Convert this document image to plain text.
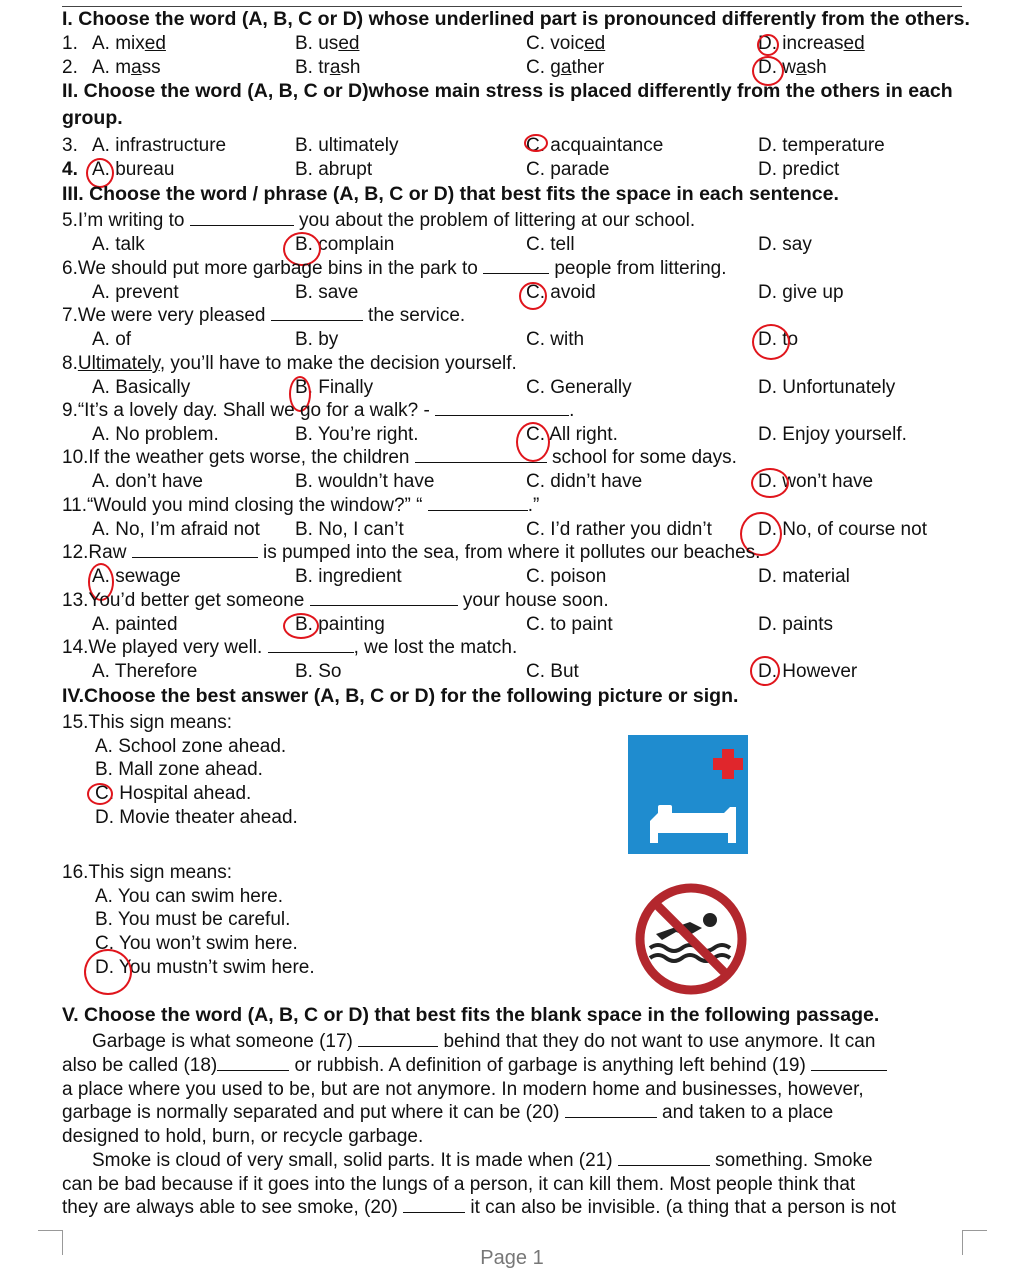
I. Choose the word (A, B, C or D) whose underlined part is pronounced differently from the others.
1. A. mixed	B. used	C. voiced	D. increased
2. A. mass	B. trash	C. gather	D. wash
II. Choose the word (A, B, C or D)whose main stress is placed differently from the others in each
group.
3. A. infrastructure	B. ultimately	C. acquaintance	D. temperature
4. A. bureau	B. abrupt	C. parade	D. predict
III. Choose the word / phrase (A, B, C or D) that best fits the space in each sentence.
5.I’m writing to	you about the problem of littering at our school.
A. talk	B. complain	C. tell	D. say
6.We should put more garbage bins in the park to	people from littering.
A. prevent	B. save	C. avoid	D. give up
7.We were very pleased	the service.
A. of	B. by	C. with	D. to
8.Ultimately, you’ll have to make the decision yourself.
A. Basically	B. Finally	C. Generally	D. Unfortunately
9.“It’s a lovely day. Shall we go for a walk? -	.
A. No problem.	B. You’re right.	C. All right.	D. Enjoy yourself.
10.If the weather gets worse, the children	school for some days.
A. don’t have	B. wouldn’t have	C. didn’t have	D. won’t have
11.“Would you mind closing the window?” “	.”
A. No, I’m afraid not B. No, I can’t	C. I’d rather you didn’t D. No, of course not
12.Raw	is pumped into the sea, from where it pollutes our beaches.
A. sewage	B. ingredient	C. poison	D. material
13.You’d better get someone	your house soon.
A. painted	B. painting	C. to paint	D. paints
14.We played very well.	, we lost the match.
A. Therefore	B. So	C. But	D. However
IV.Choose the best answer (A, B, C or D) for the following picture or sign.
15.This sign means:
A. School zone ahead.
B. Mall zone ahead.
C. Hospital ahead.
D. Movie theater ahead.
16.This sign means:
A. You can swim here.
B. You must be careful.
C. You won’t swim here.
D. You mustn’t swim here.
V. Choose the word (A, B, C or D) that best fits the blank space in the following passage.
Garbage is what someone (17)	behind that they do not want to use anymore. It can
also be called (18)	or rubbish. A definition of garbage is anything left behind (19)
a place where you used to be, but are not anymore. In modern home and businesses, however,
garbage is normally separated and put where it can be (20)	and taken to a place
designed to hold, burn, or recycle garbage.
Smoke is cloud of very small, solid parts. It is made when (21)	something. Smoke
can be bad because if it goes into the lungs of a person, it can kill them. Most people think that
they are always able to see smoke, (20)	it can also be invisible. (a thing that a person is not
Page 1
